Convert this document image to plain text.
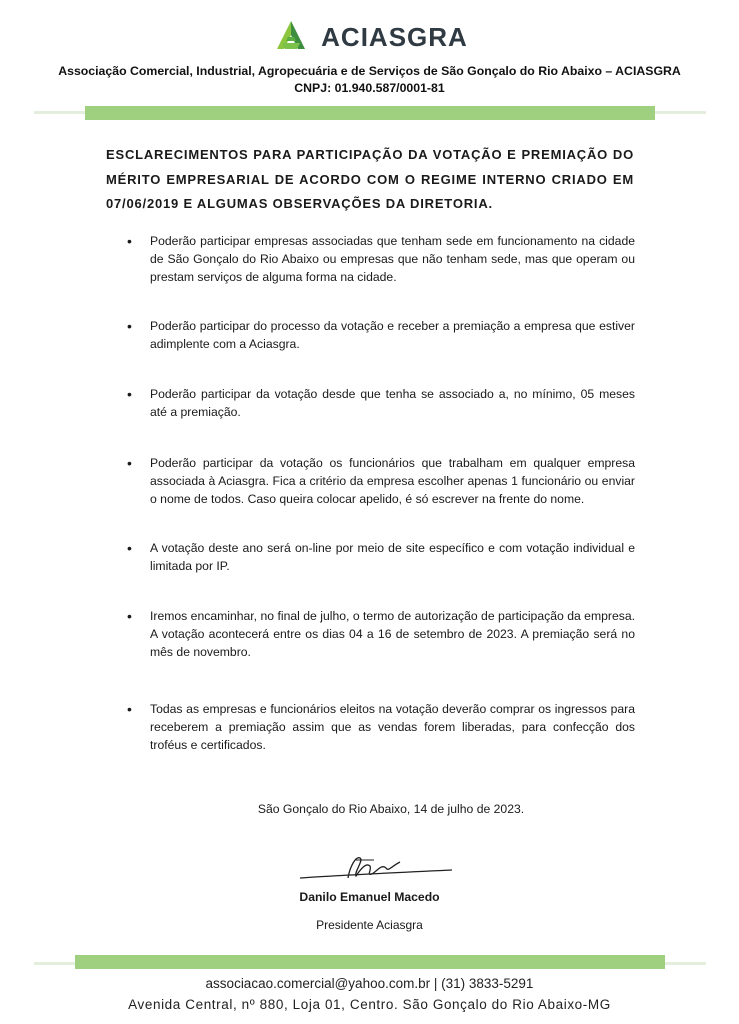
ACIASGRA
Associação Comercial, Industrial, Agropecuária e de Serviços de São Gonçalo do Rio Abaixo – ACIASGRA
CNPJ: 01.940.587/0001-81
ESCLARECIMENTOS PARA PARTICIPAÇÃO DA VOTAÇÃO E PREMIAÇÃO DO MÉRITO EMPRESARIAL DE ACORDO COM O REGIME INTERNO CRIADO EM 07/06/2019 E ALGUMAS OBSERVAÇÕES DA DIRETORIA.
• Poderão participar empresas associadas que tenham sede em funcionamento na cidade de São Gonçalo do Rio Abaixo ou empresas que não tenham sede, mas que operam ou prestam serviços de alguma forma na cidade.
• Poderão participar do processo da votação e receber a premiação a empresa que estiver adimplente com a Aciasgra.
• Poderão participar da votação desde que tenha se associado a, no mínimo, 05 meses até a premiação.
• Poderão participar da votação os funcionários que trabalham em qualquer empresa associada à Aciasgra. Fica a critério da empresa escolher apenas 1 funcionário ou enviar o nome de todos. Caso queira colocar apelido, é só escrever na frente do nome.
• A votação deste ano será on-line por meio de site específico e com votação individual e limitada por IP.
• Iremos encaminhar, no final de julho, o termo de autorização de participação da empresa. A votação acontecerá entre os dias 04 a 16 de setembro de 2023. A premiação será no mês de novembro.
• Todas as empresas e funcionários eleitos na votação deverão comprar os ingressos para receberem a premiação assim que as vendas forem liberadas, para confecção dos troféus e certificados.
São Gonçalo do Rio Abaixo, 14 de julho de 2023.
Danilo Emanuel Macedo
Presidente Aciasgra
associacao.comercial@yahoo.com.br | (31) 3833-5291
Avenida Central, nº 880, Loja 01, Centro. São Gonçalo do Rio Abaixo-MG
